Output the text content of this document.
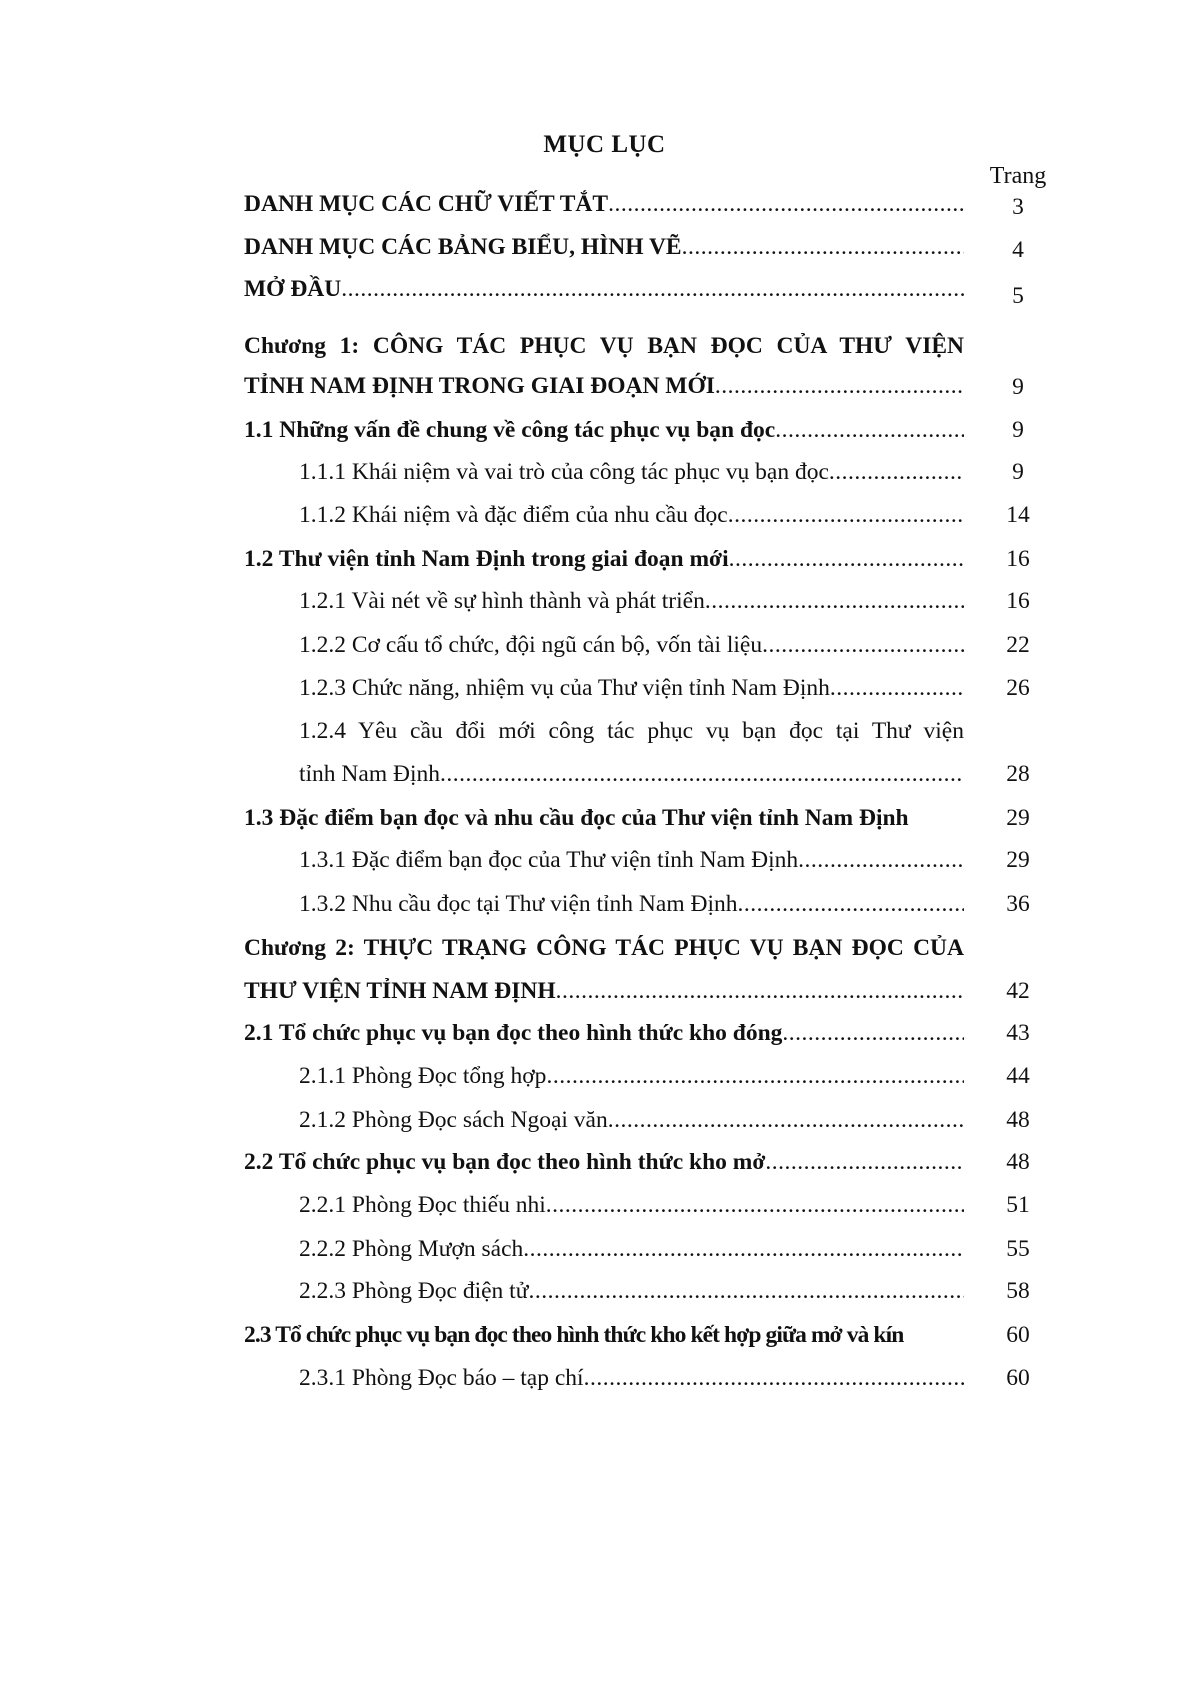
MỤC LỤC
Trang
DANH MỤC CÁC CHỮ VIẾT TẮT .....	3
DANH MỤC CÁC BẢNG BIỂU, HÌNH VẼ .....	4
MỞ ĐẦU .....	5
Chương 1: CÔNG TÁC PHỤC VỤ BẠN ĐỌC CỦA THƯ VIỆN
TỈNH NAM ĐỊNH TRONG GIAI ĐOẠN MỚI .....	9
1.1 Những vấn đề chung về công tác phục vụ bạn đọc .....	9
1.1.1 Khái niệm và vai trò của công tác phục vụ bạn đọc .....	9
1.1.2 Khái niệm và đặc điểm của nhu cầu đọc .....	14
1.2 Thư viện tỉnh Nam Định trong giai đoạn mới .....	16
1.2.1 Vài nét về sự hình thành và phát triển .....	16
1.2.2 Cơ cấu tổ chức, đội ngũ cán bộ, vốn tài liệu .....	22
1.2.3 Chức năng, nhiệm vụ của Thư viện tỉnh Nam Định .....	26
1.2.4 Yêu cầu đổi mới công tác phục vụ bạn đọc tại Thư viện
tỉnh Nam Định .....	28
1.3 Đặc điểm bạn đọc và nhu cầu đọc của Thư viện tỉnh Nam Định	29
1.3.1 Đặc điểm bạn đọc của Thư viện tỉnh Nam Định .....	29
1.3.2 Nhu cầu đọc tại Thư viện tỉnh Nam Định .....	36
Chương 2: THỰC TRẠNG CÔNG TÁC PHỤC VỤ BẠN ĐỌC CỦA
THƯ VIỆN TỈNH NAM ĐỊNH .....	42
2.1 Tổ chức phục vụ bạn đọc theo hình thức kho đóng .....	43
2.1.1 Phòng Đọc tổng hợp .....	44
2.1.2 Phòng Đọc sách Ngoại văn .....	48
2.2 Tổ chức phục vụ bạn đọc theo hình thức kho mở .....	48
2.2.1 Phòng Đọc thiếu nhi .....	51
2.2.2 Phòng Mượn sách .....	55
2.2.3 Phòng Đọc điện tử .....	58
2.3 Tổ chức phục vụ bạn đọc theo hình thức kho kết hợp giữa mở và kín	60
2.3.1 Phòng Đọc báo – tạp chí .....	60
